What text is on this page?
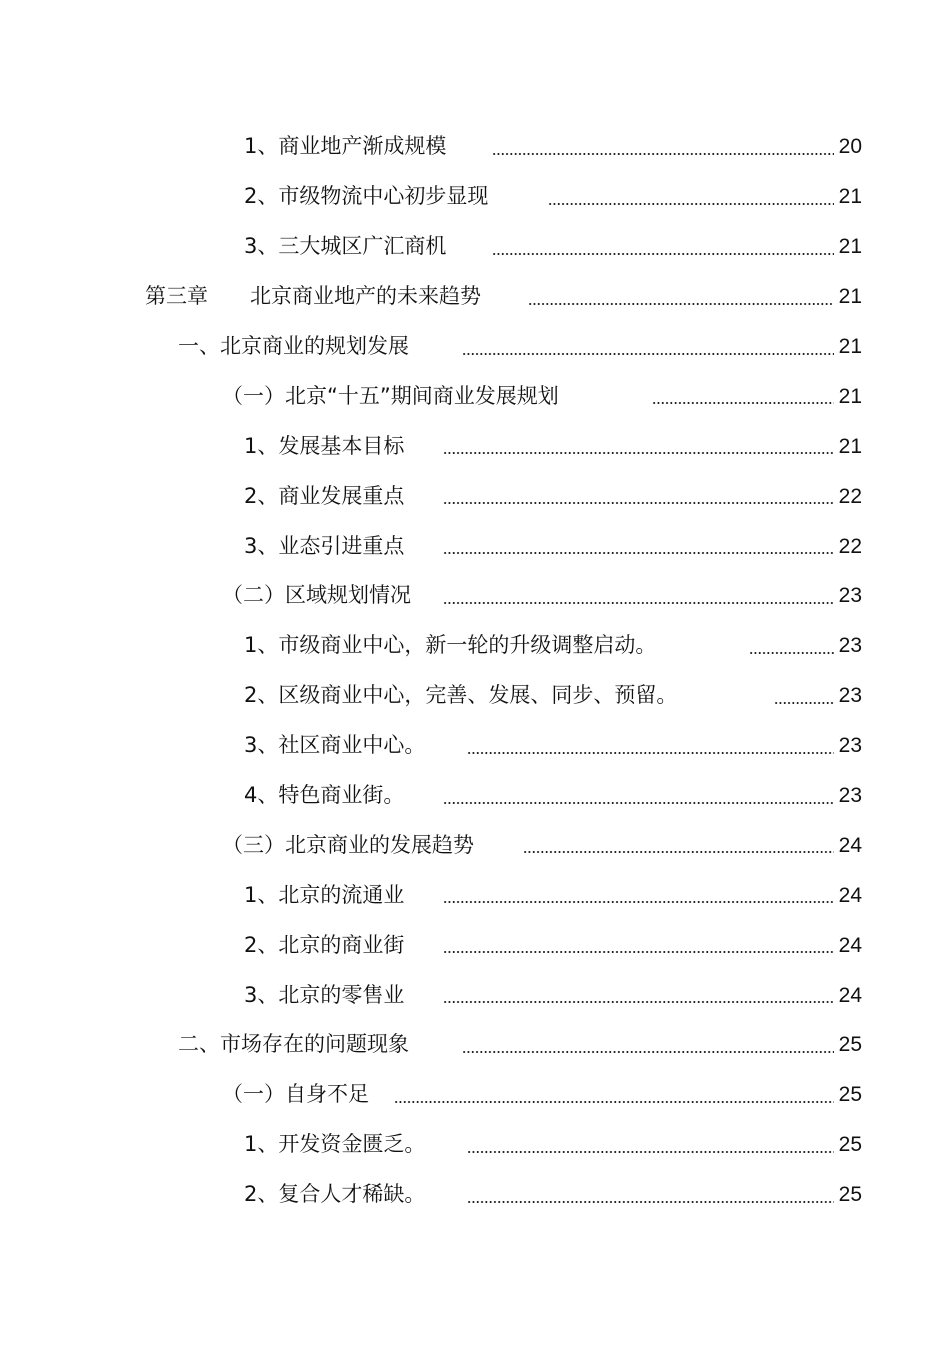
1、商业地产渐成规模	20
2、市级物流中心初步显现	21
3、三大城区广汇商机	21
第三章　　北京商业地产的未来趋势	21
一、北京商业的规划发展	21
（一）北京“十五”期间商业发展规划	21
1、发展基本目标	21
2、商业发展重点	22
3、业态引进重点	22
（二）区域规划情况	23
1、市级商业中心，新一轮的升级调整启动。	23
2、区级商业中心，完善、发展、同步、预留。	23
3、社区商业中心。	23
4、特色商业街。	23
（三）北京商业的发展趋势	24
1、北京的流通业	24
2、北京的商业街	24
3、北京的零售业	24
二、市场存在的问题现象	25
（一）自身不足	25
1、开发资金匮乏。	25
2、复合人才稀缺。	25
